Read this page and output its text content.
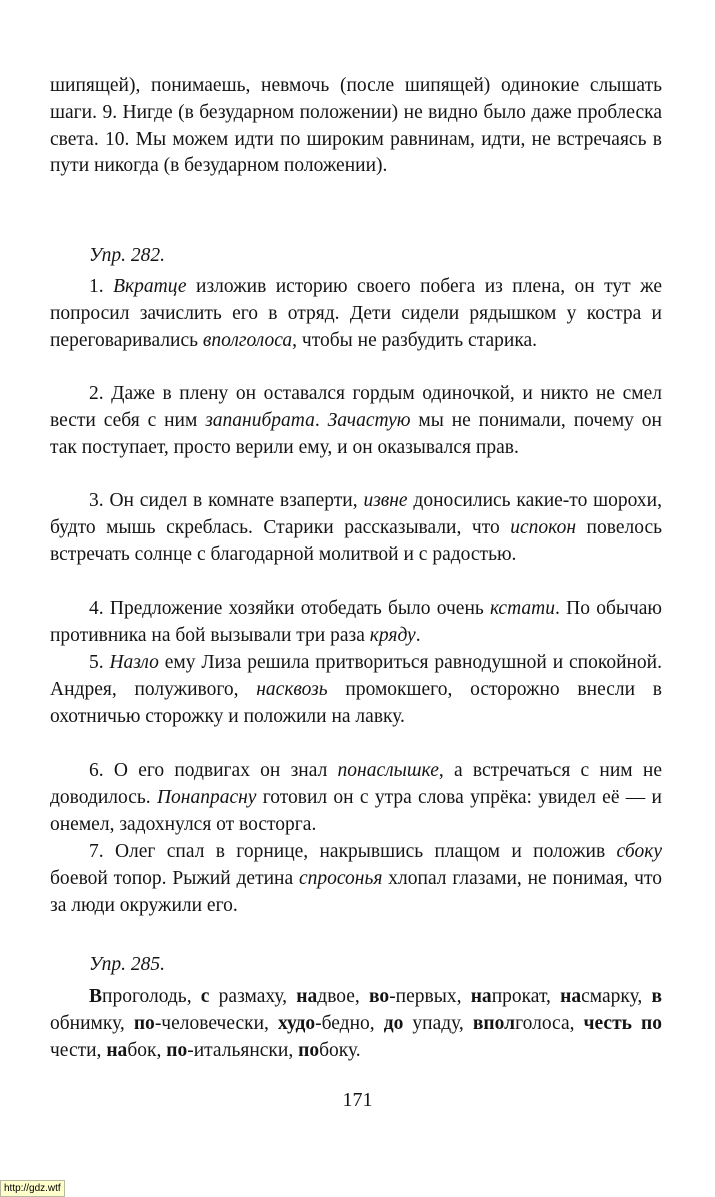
шипящей), понимаешь, невмочь (после шипящей) одинокие слышать шаги. 9. Нигде (в безударном положении) не видно было даже проблеска света. 10. Мы можем идти по широким равнинам, идти, не встречаясь в пути никогда (в безударном положении).

Упр. 282.

1. Вкратце изложив историю своего побега из плена, он тут же попросил зачислить его в отряд. Дети сидели рядышком у костра и переговаривались вполголоса, чтобы не разбудить старика.

2. Даже в плену он оставался гордым одиночкой, и никто не смел вести себя с ним запанибрата. Зачастую мы не понимали, почему он так поступает, просто верили ему, и он оказывался прав.

3. Он сидел в комнате взаперти, извне доносились какие-то шорохи, будто мышь скреблась. Старики рассказывали, что испокон повелось встречать солнце с благодарной молитвой и с радостью.

4. Предложение хозяйки отобедать было очень кстати. По обычаю противника на бой вызывали три раза кряду.

5. Назло ему Лиза решила притвориться равнодушной и спокойной. Андрея, полуживого, насквозь промокшего, осторожно внесли в охотничью сторожку и положили на лавку.

6. О его подвигах он знал понаслышке, а встречаться с ним не доводилось. Понапрасну готовил он с утра слова упрёка: увидел её — и онемел, задохнулся от восторга.

7. Олег спал в горнице, накрывшись плащом и положив сбоку боевой топор. Рыжий детина спросонья хлопал глазами, не понимая, что за люди окружили его.

Упр. 285.

Впроголодь, с размаху, надвое, во-первых, напрокат, насмарку, в обнимку, по-человечески, худо-бедно, до упаду, вполголоса, честь по чести, набок, по-итальянски, побоку.

171
http://gdz.wtf
